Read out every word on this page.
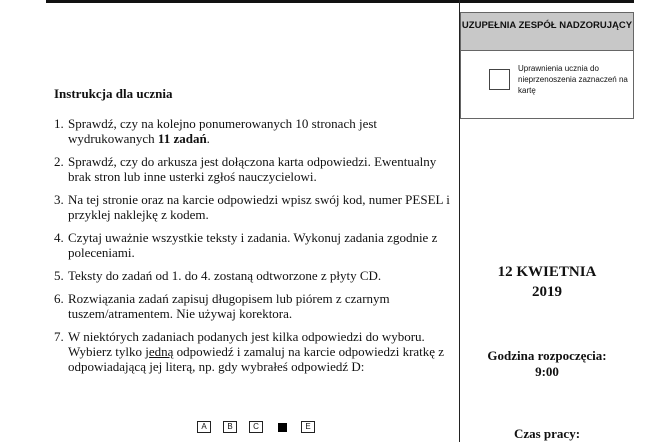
Instrukcja dla ucznia
1. Sprawdź, czy na kolejno ponumerowanych 10 stronach jest wydrukowanych 11 zadań.
2. Sprawdź, czy do arkusza jest dołączona karta odpowiedzi. Ewentualny brak stron lub inne usterki zgłoś nauczycielowi.
3. Na tej stronie oraz na karcie odpowiedzi wpisz swój kod, numer PESEL i przyklej naklejkę z kodem.
4. Czytaj uważnie wszystkie teksty i zadania. Wykonuj zadania zgodnie z poleceniami.
5. Teksty do zadań od 1. do 4. zostaną odtworzone z płyty CD.
6. Rozwiązania zadań zapisuj długopisem lub piórem z czarnym tuszem/atramentem. Nie używaj korektora.
7. W niektórych zadaniach podanych jest kilka odpowiedzi do wyboru. Wybierz tylko jedną odpowiedź i zamaluj na karcie odpowiedzi kratkę z odpowiadającą jej literą, np. gdy wybrałeś odpowiedź D:
A	B	C	E
UZUPEŁNIA ZESPÓŁ NADZORUJĄCY
Uprawnienia ucznia do nieprzenoszenia zaznaczeń na kartę
12 KWIETNIA
2019
Godzina rozpoczęcia:
9:00
Czas pracy:
